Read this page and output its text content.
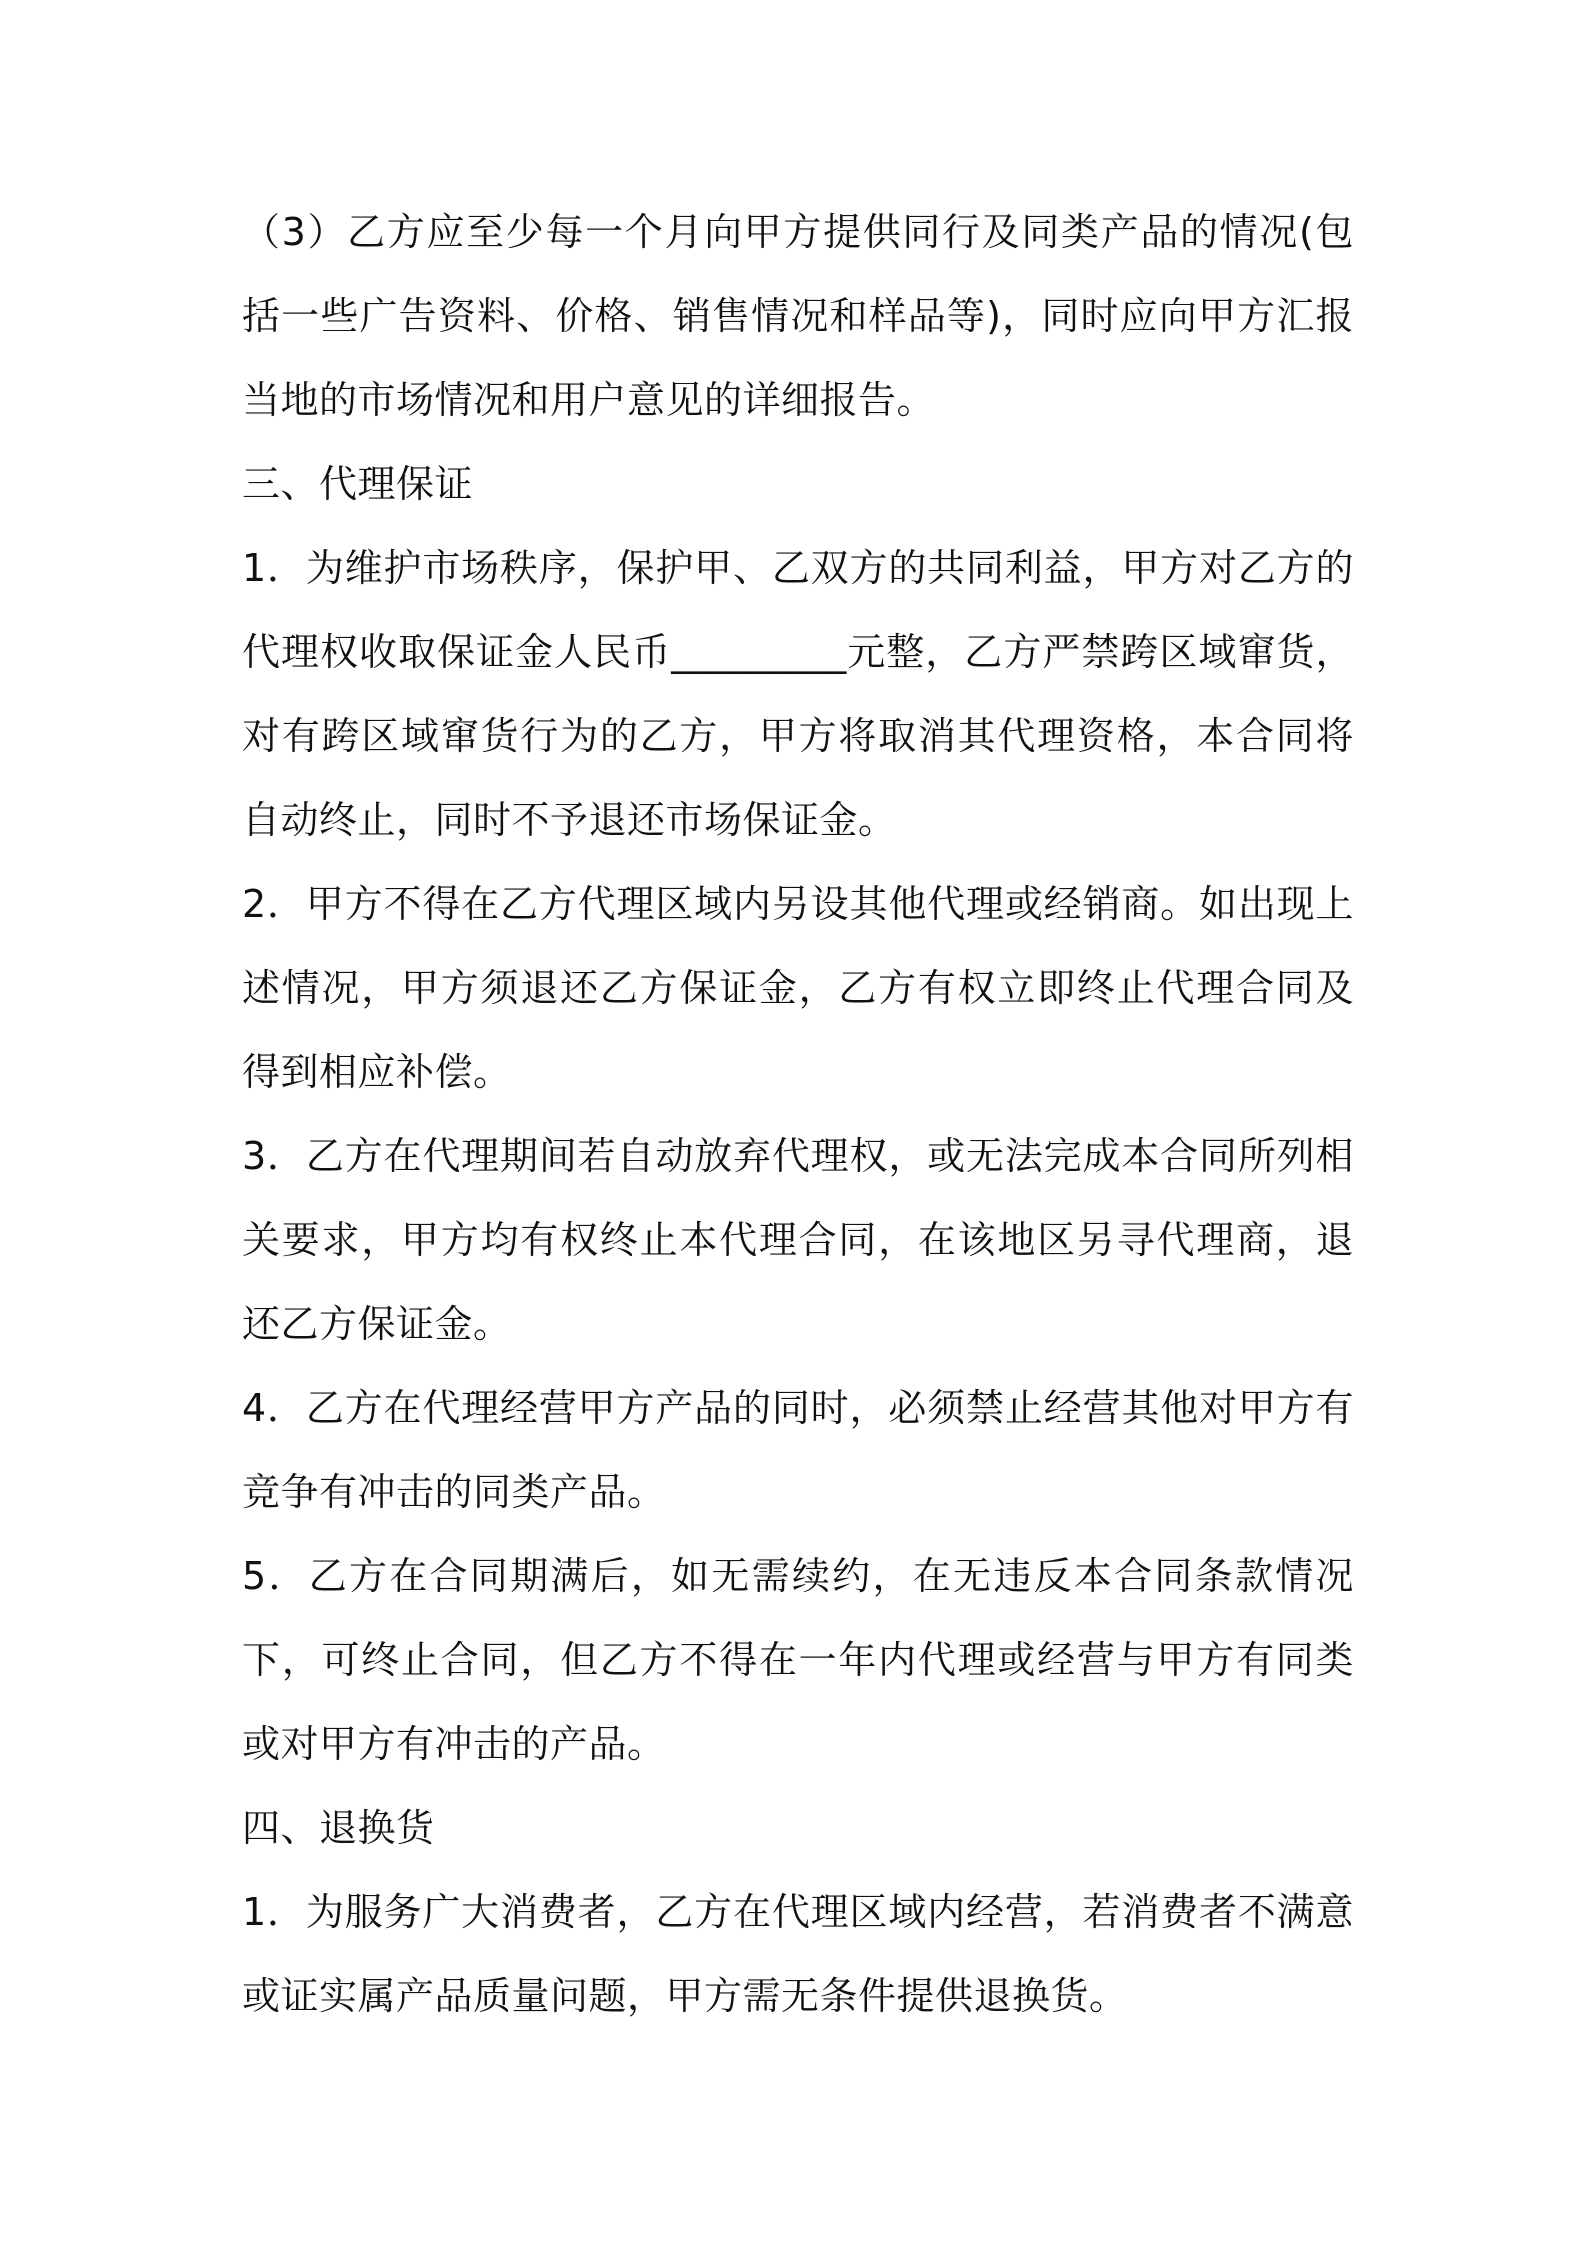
（3）乙方应至少每一个月向甲方提供同行及同类产品的情况(包括一些广告资料、价格、销售情况和样品等)，同时应向甲方汇报当地的市场情况和用户意见的详细报告。

三、代理保证

1．为维护市场秩序，保护甲、乙双方的共同利益，甲方对乙方的代理权收取保证金人民币_________元整，乙方严禁跨区域窜货，对有跨区域窜货行为的乙方，甲方将取消其代理资格，本合同将自动终止，同时不予退还市场保证金。

2．甲方不得在乙方代理区域内另设其他代理或经销商。如出现上述情况，甲方须退还乙方保证金，乙方有权立即终止代理合同及得到相应补偿。

3．乙方在代理期间若自动放弃代理权，或无法完成本合同所列相关要求，甲方均有权终止本代理合同，在该地区另寻代理商，退还乙方保证金。

4．乙方在代理经营甲方产品的同时，必须禁止经营其他对甲方有竞争有冲击的同类产品。

5．乙方在合同期满后，如无需续约，在无违反本合同条款情况下，可终止合同，但乙方不得在一年内代理或经营与甲方有同类或对甲方有冲击的产品。

四、退换货

1．为服务广大消费者，乙方在代理区域内经营，若消费者不满意或证实属产品质量问题，甲方需无条件提供退换货。
